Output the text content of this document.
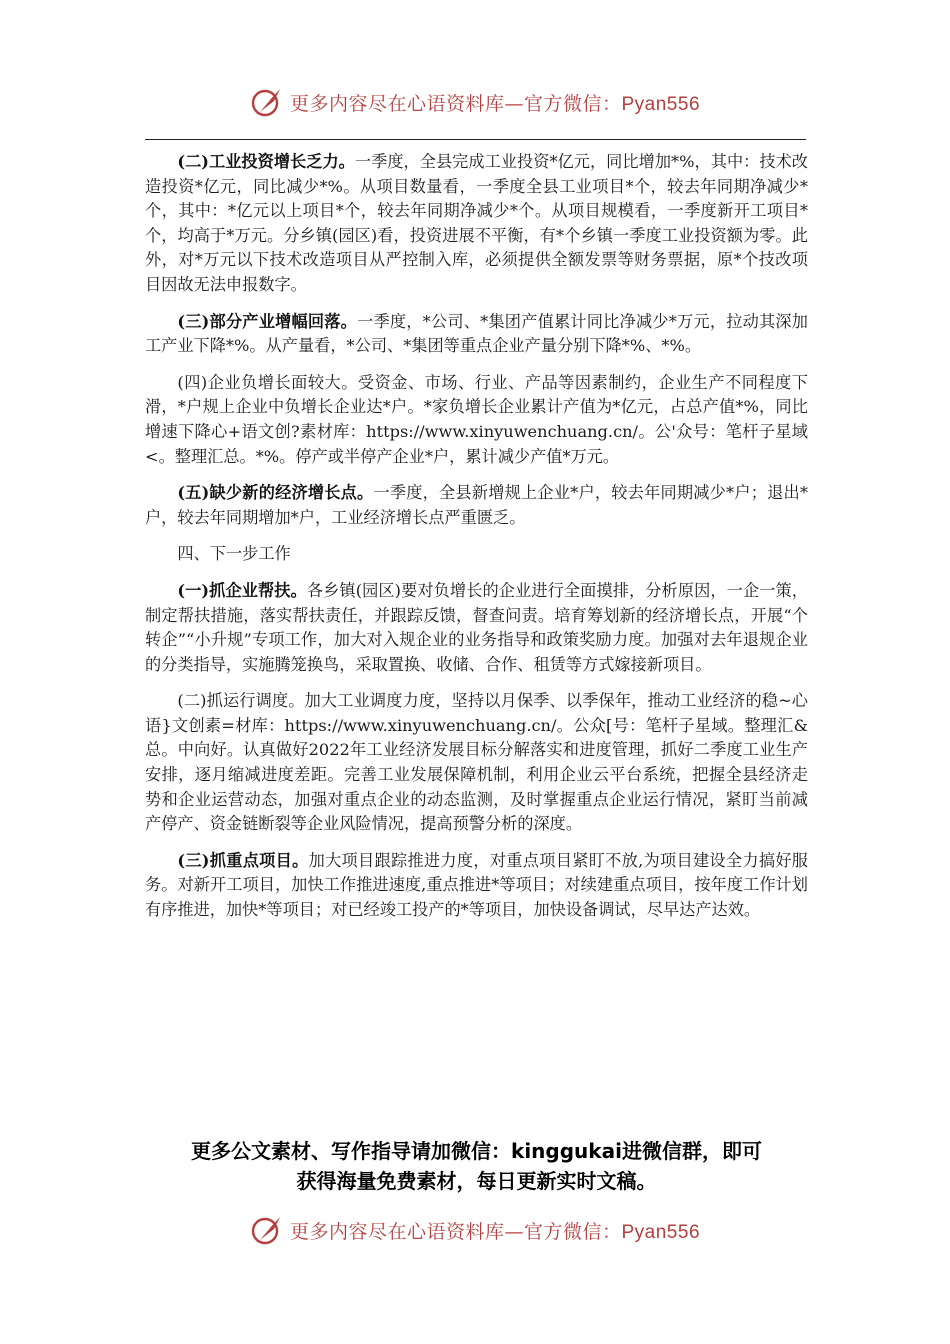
更多内容尽在心语资料库—官方微信：Pyan556

(二)工业投资增长乏力。一季度，全县完成工业投资*亿元，同比增加*%，其中：技术改造投资*亿元，同比减少*%。从项目数量看，一季度全县工业项目*个，较去年同期净减少*个，其中：*亿元以上项目*个，较去年同期净减少*个。从项目规模看，一季度新开工项目*个，均高于*万元。分乡镇(园区)看，投资进展不平衡，有*个乡镇一季度工业投资额为零。此外，对*万元以下技术改造项目从严控制入库，必须提供全额发票等财务票据，原*个技改项目因故无法申报数字。

(三)部分产业增幅回落。一季度，*公司、*集团产值累计同比净减少*万元，拉动其深加工产业下降*%。从产量看，*公司、*集团等重点企业产量分别下降*%、*%。

(四)企业负增长面较大。受资金、市场、行业、产品等因素制约，企业生产不同程度下滑，*户规上企业中负增长企业达*户。*家负增长企业累计产值为*亿元，占总产值*%，同比增速下降心+语文创?素材库：https://www.xinyuwenchuang.cn/。公'众号：笔杆子星域<。整理汇总。*%。停产或半停产企业*户，累计减少产值*万元。

(五)缺少新的经济增长点。一季度，全县新增规上企业*户，较去年同期减少*户；退出*户，较去年同期增加*户，工业经济增长点严重匮乏。

四、下一步工作

(一)抓企业帮扶。各乡镇(园区)要对负增长的企业进行全面摸排，分析原因，一企一策，制定帮扶措施，落实帮扶责任，并跟踪反馈，督查问责。培育筹划新的经济增长点，开展“个转企”“小升规”专项工作，加大对入规企业的业务指导和政策奖励力度。加强对去年退规企业的分类指导，实施腾笼换鸟，采取置换、收储、合作、租赁等方式嫁接新项目。

(二)抓运行调度。加大工业调度力度，坚持以月保季、以季保年，推动工业经济的稳~心语}文创素=材库：https://www.xinyuwenchuang.cn/。公众[号：笔杆子星域。整理汇&总。中向好。认真做好2022年工业经济发展目标分解落实和进度管理，抓好二季度工业生产安排，逐月缩减进度差距。完善工业发展保障机制，利用企业云平台系统，把握全县经济走势和企业运营动态，加强对重点企业的动态监测，及时掌握重点企业运行情况，紧盯当前减产停产、资金链断裂等企业风险情况，提高预警分析的深度。

(三)抓重点项目。加大项目跟踪推进力度，对重点项目紧盯不放,为项目建设全力搞好服务。对新开工项目，加快工作推进速度,重点推进*等项目；对续建重点项目，按年度工作计划有序推进，加快*等项目；对已经竣工投产的*等项目，加快设备调试，尽早达产达效。

更多公文素材、写作指导请加微信：kinggukai进微信群，即可
获得海量免费素材，每日更新实时文稿。
更多内容尽在心语资料库—官方微信：Pyan556
